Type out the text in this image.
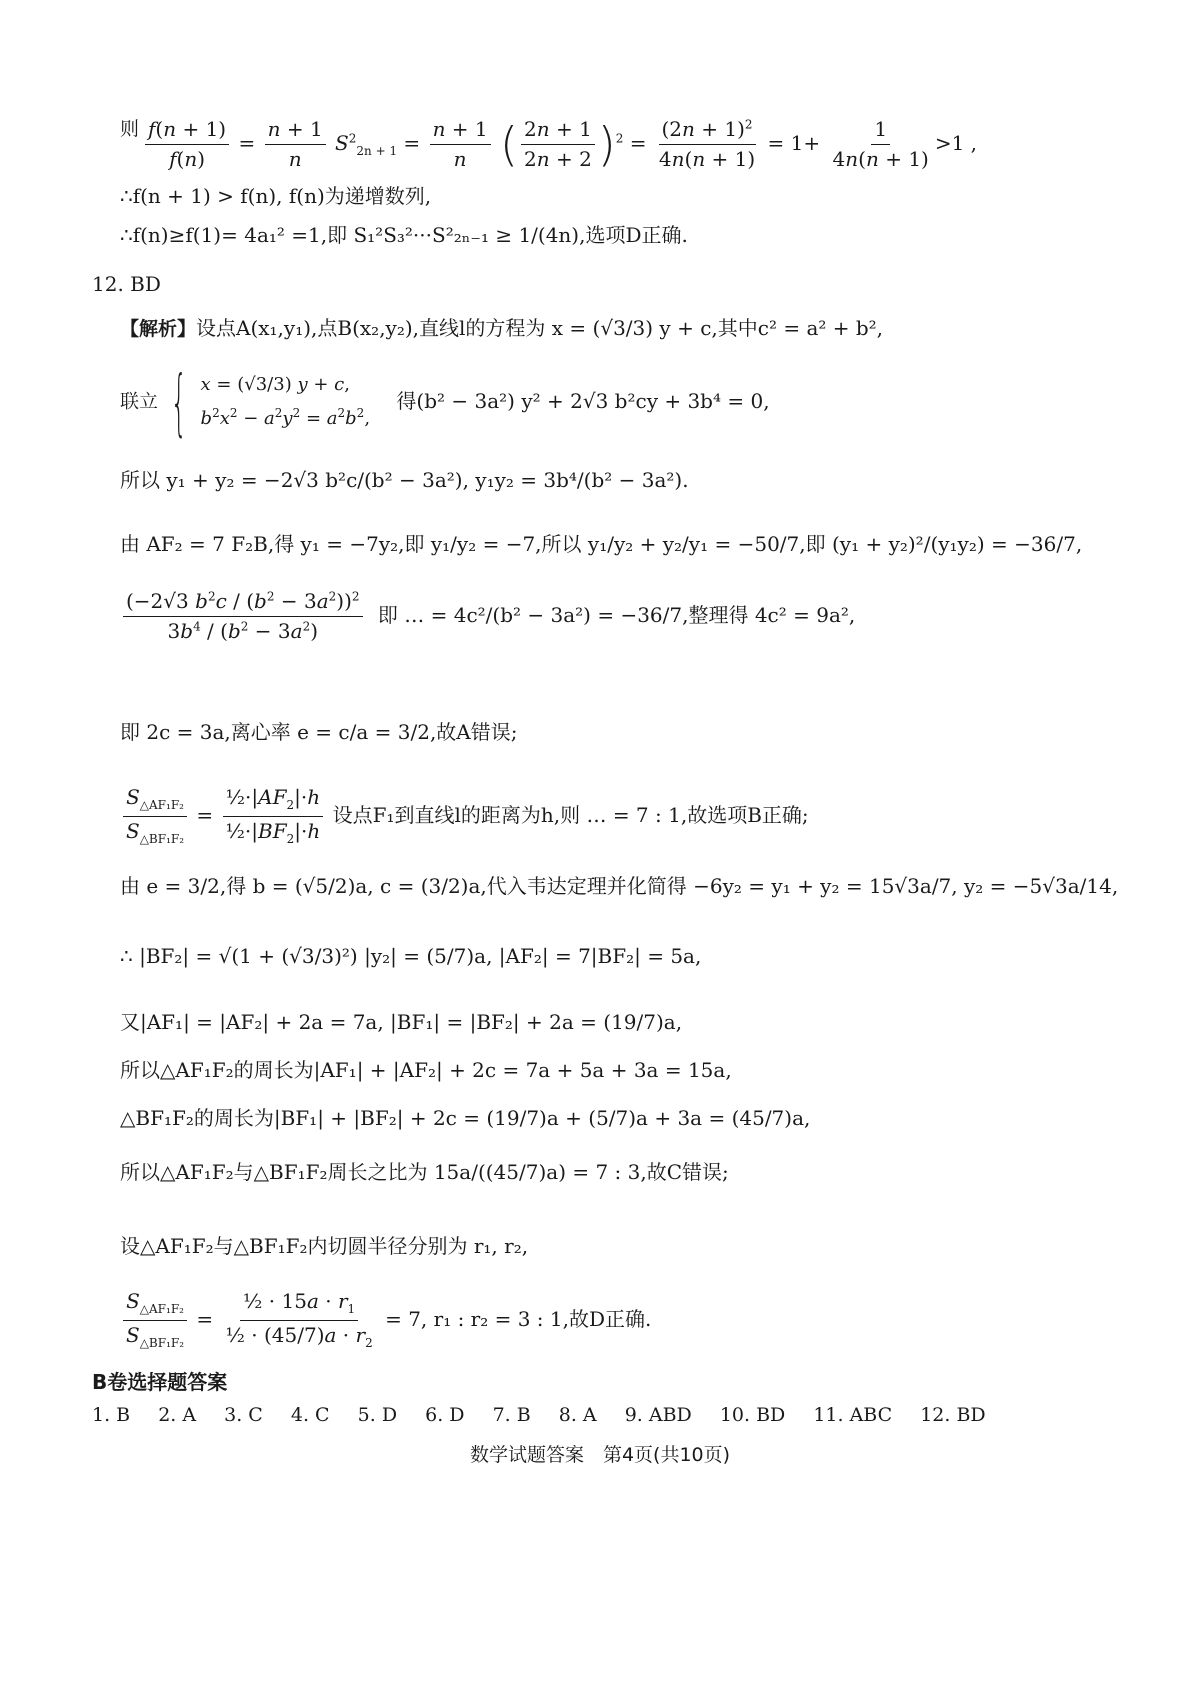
则 $\frac{f(n + 1)}{f(n)} = \frac{n + 1}{n} S^2_{2n + 1} = \frac{n + 1}{n}$ ( $\frac{2n + 1}{2n + 2} )^2 = \frac{(2n + 1)^2}{4n(n + 1)} = 1+ \frac{1}{4n(n + 1)} >1$ ,
∴f(n + 1) > f(n), f(n)为递增数列,
∴f(n)≥f(1)= 4a₁² =1,即 S₁²S₃²···S²₂ₙ₋₁ ≥ 1/(4n),选项D正确.
12. BD
【解析】设点A(x₁,y₁),点B(x₂,y₂),直线l的方程为 x = (√3/3) y + c,其中c² = a² + b²,
联立 { x = (√3/3) y + c,
$b^2x^2 - a^2y^2 = a^2b^2$, 得(b² − 3a²) y² + 2√3 b²cy + 3b⁴ = 0,
所以 y₁ + y₂ = −2√3 b²c/(b² − 3a²), y₁y₂ = 3b⁴/(b² − 3a²).
由 AF₂ = 7 F₂B,得 y₁ = −7y₂,即 y₁/y₂ = −7,所以 y₁/y₂ + y₂/y₁ = −50/7,即 (y₁ + y₂)²/(y₁y₂) = −36/7,
$\frac{(-2√3 b^2c / (b^2 - 3a^2))^2}{3b^4 / (b^2 - 3a^2)}$ 即 … = 4c²/(b² − 3a²) = −36/7,整理得 4c² = 9a²,
即 2c = 3a,离心率 e = c/a = 3/2,故A错误;
$\frac{S_{\triangle AF_1F_2}}{S_{\triangle BF_1F_2}} = \frac{\frac{1}{2}\cdot|AF_2|\cdot h}{\frac{1}{2}\cdot|BF_2|\cdot h}$ 设点F₁到直线l的距离为h,则 … = 7 : 1,故选项B正确;
由 e = 3/2,得 b = (√5/2)a, c = (3/2)a,代入韦达定理并化简得 −6y₂ = y₁ + y₂ = 15√3a/7, y₂ = −5√3a/14,
∴ |BF₂| = √(1 + (√3/3)²) |y₂| = (5/7)a, |AF₂| = 7|BF₂| = 5a,
又|AF₁| = |AF₂| + 2a = 7a, |BF₁| = |BF₂| + 2a = (19/7)a,
所以△AF₁F₂的周长为|AF₁| + |AF₂| + 2c = 7a + 5a + 3a = 15a,
△BF₁F₂的周长为|BF₁| + |BF₂| + 2c = (19/7)a + (5/7)a + 3a = (45/7)a,
所以△AF₁F₂与△BF₁F₂周长之比为 15a/((45/7)a) = 7 : 3,故C错误;
设△AF₁F₂与△BF₁F₂内切圆半径分别为 r₁, r₂,
$\frac{S_{\triangle AF_1F_2}}{S_{\triangle BF_1F_2}} = \frac{\frac{1}{2} \cdot 15a \cdot r_1}{\frac{1}{2} \cdot (45/7)a \cdot r_2} = 7$, r₁ : r₂ = 3 : 1,故D正确.
B卷选择题答案
1. B 2. A 3. C 4. C 5. D 6. D 7. B 8. A 9. ABD 10. BD 11. ABC 12. BD
数学试题答案　第4页(共10页)
